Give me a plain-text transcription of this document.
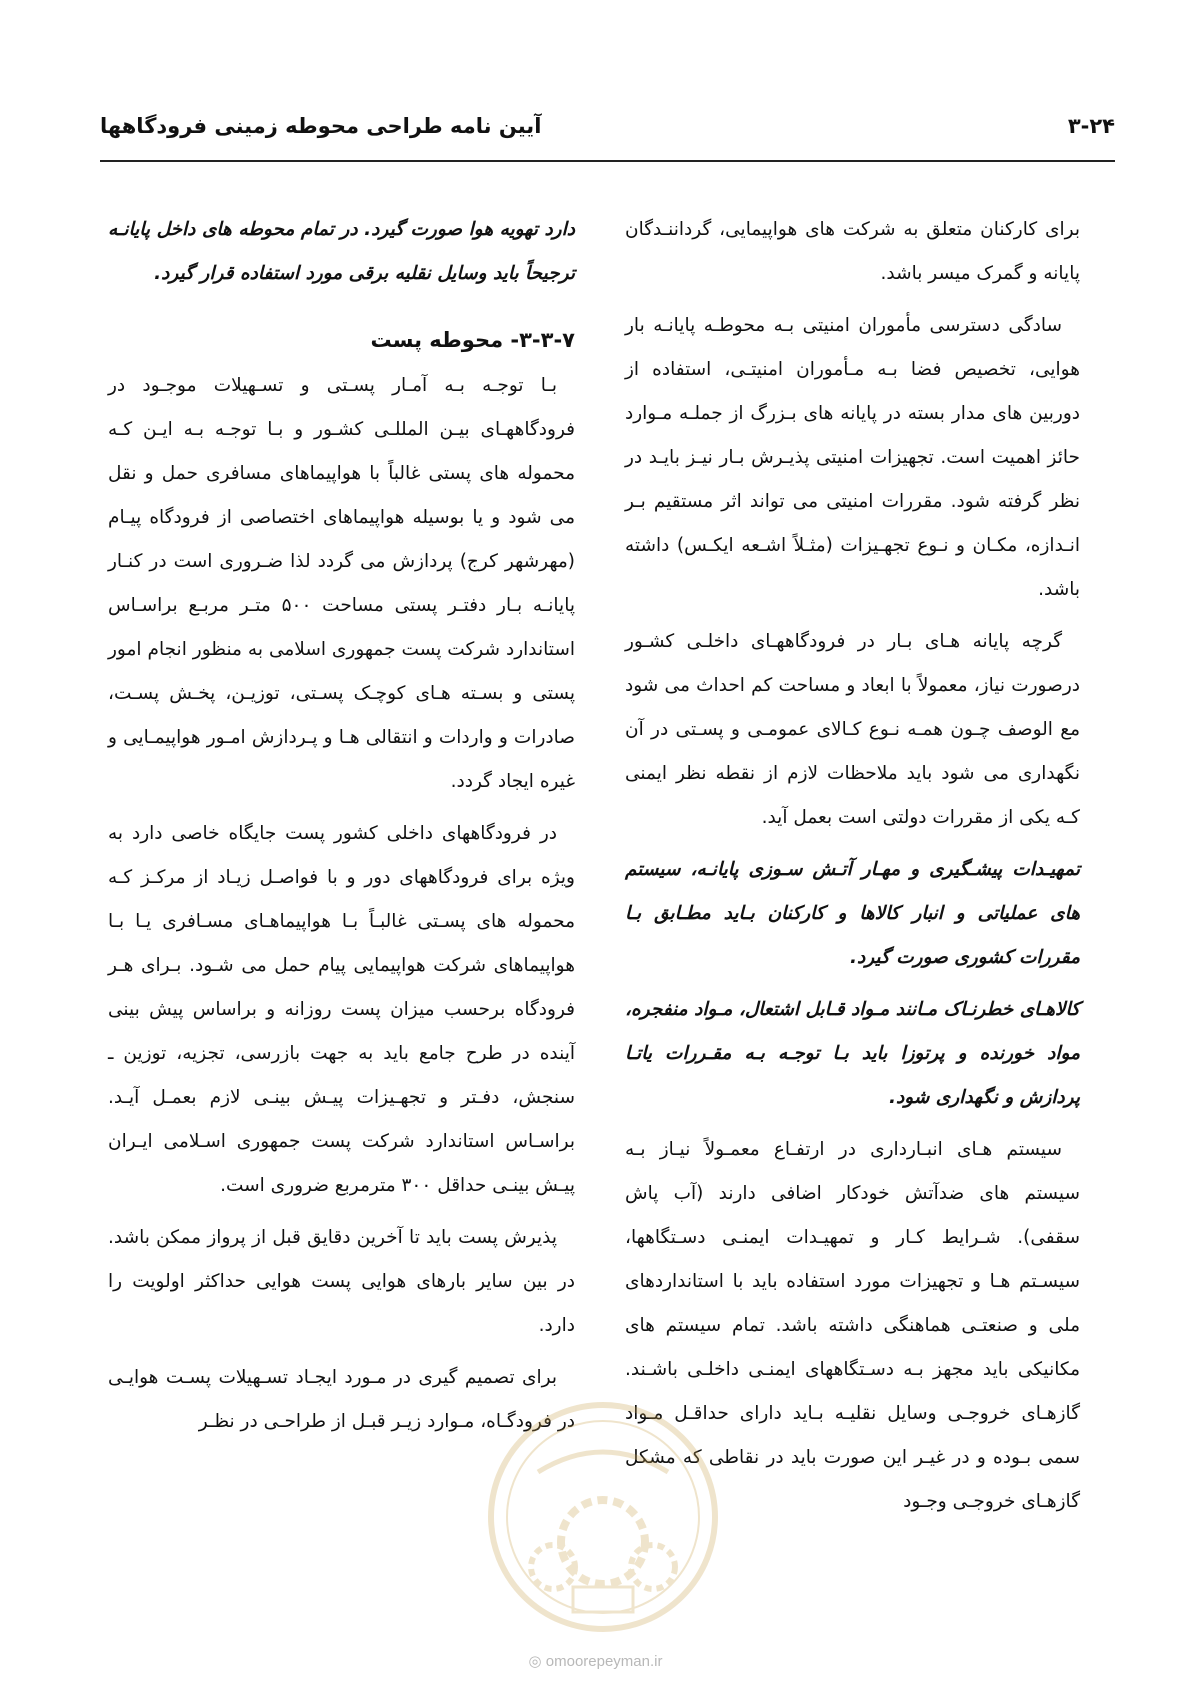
آیین نامه طراحی محوطه زمینی فرودگاهها	۳-۲۴

برای کارکنان متعلق به شرکت های هواپیمایی، گرداننـدگان پایانه و گمرک میسر باشد.

سادگی دسترسی مأموران امنیتی بـه محوطـه پایانـه بار هوایی، تخصیص فضا بـه مـأموران امنیتـی، استفاده از دوربین های مدار بسته در پایانه های بـزرگ از جملـه مـوارد حائز اهمیت است. تجهیزات امنیتی پذیـرش بـار نیـز بایـد در نظر گرفته شود. مقررات امنیتی می تواند اثر مستقیم بـر انـدازه، مکـان و نـوع تجهـیزات (مثـلاً اشـعه ایکـس) داشته باشد.

گرچه پایانه هـای بـار در فرودگاههـای داخلـی کشـور درصورت نیاز، معمولاً با ابعاد و مساحت کم احداث می شود مع الوصف چـون همـه نـوع کـالای عمومـی و پسـتی در آن نگهداری می شود باید ملاحظات لازم از نقطه نظر ایمنی کـه یکی از مقررات دولتی است بعمل آید.

تمهیـدات پیشـگیری و مهـار آتـش سـوزی پایانـه، سیستم های عملیاتی و انبار کالاها و کارکنان بـاید مطـابق بـا مقررات کشوری صورت گیرد.

کالاهـای خطرنـاک مـانند مـواد قـابل اشتعال، مـواد منفجره، مواد خورنده و پرتوزا باید بـا توجـه بـه مقـررات یاتـا پردازش و نگهداری شود.

سیستم هـای انبـارداری در ارتفـاع معمـولاً نیـاز بـه سیستم های ضدآتش خودکار اضافی دارند (آب پاش سقفی). شـرایط کـار و تمهیـدات ایمنـی دسـتگاهها، سیسـتم هـا و تجهیزات مورد استفاده باید با استانداردهای ملی و صنعتـی هماهنگی داشته باشد. تمام سیستم های مکانیکی باید مجهز بـه دسـتگاههای ایمنـی داخلـی باشـند. گازهـای خروجـی وسایل نقلیـه بـاید دارای حداقـل مـواد سمی بـوده و در غیـر این صورت باید در نقاطی که مشکل گازهـای خروجـی وجـود

دارد تهویه هوا صورت گیرد. در تمام محوطه های داخل پایانـه ترجیحاً باید وسایل نقلیه برقی مورد استفاده قرار گیرد.

۳-۳-۷- محوطه پست

بـا توجـه بـه آمـار پسـتی و تسـهیلات موجـود در فرودگاههـای بیـن المللـی کشـور و بـا توجـه بـه ایـن کـه محموله های پستی غالباً با هواپیماهای مسافری حمل و نقل می شود و یا بوسیله هواپیماهای اختصاصی از فرودگاه پیـام (مهرشهر کرج) پردازش می گردد لذا ضـروری است در کنـار پایانـه بـار دفتـر پستی مساحت ۵۰۰ متـر مربـع براسـاس استاندارد شرکت پست جمهوری اسلامی به منظور انجام امور پستی و بسـته هـای کوچـک پسـتی، توزیـن، پخـش پسـت، صادرات و واردات و انتقالی هـا و پـردازش امـور هواپیمـایی و غیره ایجاد گردد.

در فرودگاههای داخلی کشور پست جایگاه خاصی دارد به ویژه برای فرودگاههای دور و با فواصـل زیـاد از مرکـز کـه محموله های پسـتی غالبـاً بـا هواپیماهـای مسـافری یـا بـا هواپیماهای شرکت هواپیمایی پیام حمل می شـود. بـرای هـر فرودگاه برحسب میزان پست روزانه و براساس پیش بینی آینده در طرح جامع باید به جهت بازرسی، تجزیه، توزین ـ سنجش، دفـتر و تجهـیزات پیـش بینـی لازم بعمـل آیـد. براسـاس استاندارد شرکت پست جمهوری اسـلامی ایـران پیـش بینـی حداقل ۳۰۰ مترمربع ضروری است.

پذیرش پست باید تا آخرین دقایق قبل از پرواز ممکن باشد. در بین سایر بارهای هوایی پست هوایی حداکثر اولویت را دارد.

برای تصمیم گیری در مـورد ایجـاد تسـهیلات پسـت هوایـی در فرودگـاه، مـوارد زیـر قبـل از طراحـی در نظـر

◎ omoorepeyman.ir
